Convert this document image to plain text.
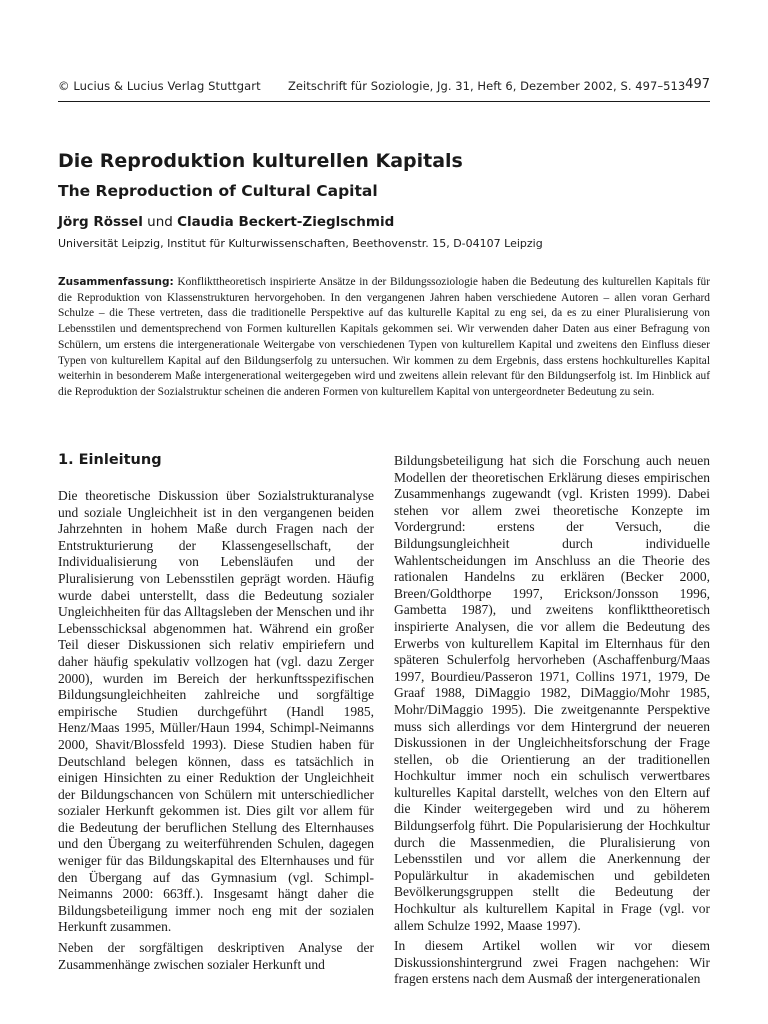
© Lucius & Lucius Verlag Stuttgart Zeitschrift für Soziologie, Jg. 31, Heft 6, Dezember 2002, S. 497–513 497
Die Reproduktion kulturellen Kapitals
The Reproduction of Cultural Capital
Jörg Rössel und Claudia Beckert-Zieglschmid
Universität Leipzig, Institut für Kulturwissenschaften, Beethovenstr. 15, D-04107 Leipzig

Zusammenfassung: Konflikttheoretisch inspirierte Ansätze in der Bildungssoziologie haben die Bedeutung des kulturellen Kapitals für die Reproduktion von Klassenstrukturen hervorgehoben. In den vergangenen Jahren haben verschiedene Autoren – allen voran Gerhard Schulze – die These vertreten, dass die traditionelle Perspektive auf das kulturelle Kapital zu eng sei, da es zu einer Pluralisierung von Lebensstilen und dementsprechend von Formen kulturellen Kapitals gekommen sei. Wir verwenden daher Daten aus einer Befragung von Schülern, um erstens die intergenerationale Weitergabe von verschiedenen Typen von kulturellem Kapital und zweitens den Einfluss dieser Typen von kulturellem Kapital auf den Bildungserfolg zu untersuchen. Wir kommen zu dem Ergebnis, dass erstens hochkulturelles Kapital weiterhin in besonderem Maße intergenerational weitergegeben wird und zweitens allein relevant für den Bildungserfolg ist. Im Hinblick auf die Reproduktion der Sozialstruktur scheinen die anderen Formen von kulturellem Kapital von untergeordneter Bedeutung zu sein.

1. Einleitung

Die theoretische Diskussion über Sozialstrukturanalyse und soziale Ungleichheit ist in den vergangenen beiden Jahrzehnten in hohem Maße durch Fragen nach der Entstrukturierung der Klassengesellschaft, der Individualisierung von Lebensläufen und der Pluralisierung von Lebensstilen geprägt worden. Häufig wurde dabei unterstellt, dass die Bedeutung sozialer Ungleichheiten für das Alltagsleben der Menschen und ihr Lebensschicksal abgenommen hat. Während ein großer Teil dieser Diskussionen sich relativ empiriefern und daher häufig spekulativ vollzogen hat (vgl. dazu Zerger 2000), wurden im Bereich der herkunftsspezifischen Bildungsungleichheiten zahlreiche und sorgfältige empirische Studien durchgeführt (Handl 1985, Henz/Maas 1995, Müller/Haun 1994, Schimpl-Neimanns 2000, Shavit/Blossfeld 1993). Diese Studien haben für Deutschland belegen können, dass es tatsächlich in einigen Hinsichten zu einer Reduktion der Ungleichheit der Bildungschancen von Schülern mit unterschiedlicher sozialer Herkunft gekommen ist. Dies gilt vor allem für die Bedeutung der beruflichen Stellung des Elternhauses und den Übergang zu weiterführenden Schulen, dagegen weniger für das Bildungskapital des Elternhauses und für den Übergang auf das Gymnasium (vgl. Schimpl-Neimanns 2000: 663ff.). Insgesamt hängt daher die Bildungsbeteiligung immer noch eng mit der sozialen Herkunft zusammen.

Neben der sorgfältigen deskriptiven Analyse der Zusammenhänge zwischen sozialer Herkunft und

Bildungsbeteiligung hat sich die Forschung auch neuen Modellen der theoretischen Erklärung dieses empirischen Zusammenhangs zugewandt (vgl. Kristen 1999). Dabei stehen vor allem zwei theoretische Konzepte im Vordergrund: erstens der Versuch, die Bildungsungleichheit durch individuelle Wahlentscheidungen im Anschluss an die Theorie des rationalen Handelns zu erklären (Becker 2000, Breen/Goldthorpe 1997, Erickson/Jonsson 1996, Gambetta 1987), und zweitens konflikttheoretisch inspirierte Analysen, die vor allem die Bedeutung des Erwerbs von kulturellem Kapital im Elternhaus für den späteren Schulerfolg hervorheben (Aschaffenburg/Maas 1997, Bourdieu/Passeron 1971, Collins 1971, 1979, De Graaf 1988, DiMaggio 1982, DiMaggio/Mohr 1985, Mohr/DiMaggio 1995). Die zweitgenannte Perspektive muss sich allerdings vor dem Hintergrund der neueren Diskussionen in der Ungleichheitsforschung der Frage stellen, ob die Orientierung an der traditionellen Hochkultur immer noch ein schulisch verwertbares kulturelles Kapital darstellt, welches von den Eltern auf die Kinder weitergegeben wird und zu höherem Bildungserfolg führt. Die Popularisierung der Hochkultur durch die Massenmedien, die Pluralisierung von Lebensstilen und vor allem die Anerkennung der Populärkultur in akademischen und gebildeten Bevölkerungsgruppen stellt die Bedeutung der Hochkultur als kulturellem Kapital in Frage (vgl. vor allem Schulze 1992, Maase 1997).

In diesem Artikel wollen wir vor diesem Diskussionshintergrund zwei Fragen nachgehen: Wir fragen erstens nach dem Ausmaß der intergenerationalen
